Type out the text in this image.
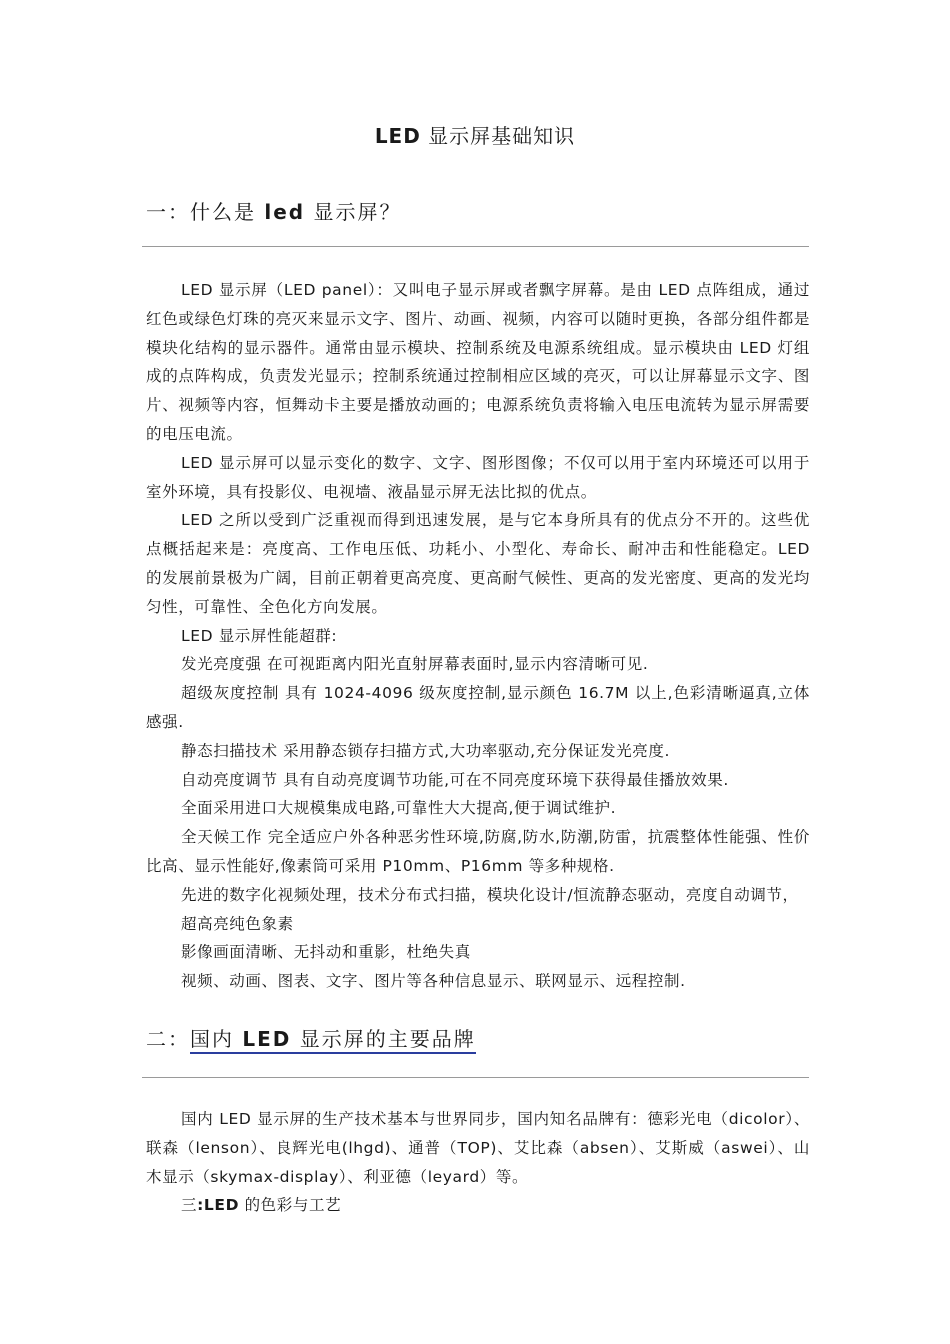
LED 显示屏基础知识
一：什么是 led 显示屏？

LED 显示屏（LED panel）：又叫电子显示屏或者飘字屏幕。是由 LED 点阵组成，通过红色或绿色灯珠的亮灭来显示文字、图片、动画、视频，内容可以随时更换，各部分组件都是模块化结构的显示器件。通常由显示模块、控制系统及电源系统组成。显示模块由 LED 灯组成的点阵构成，负责发光显示；控制系统通过控制相应区域的亮灭，可以让屏幕显示文字、图片、视频等内容，恒舞动卡主要是播放动画的；电源系统负责将输入电压电流转为显示屏需要的电压电流。

LED 显示屏可以显示变化的数字、文字、图形图像；不仅可以用于室内环境还可以用于室外环境，具有投影仪、电视墙、液晶显示屏无法比拟的优点。

LED 之所以受到广泛重视而得到迅速发展，是与它本身所具有的优点分不开的。这些优点概括起来是：亮度高、工作电压低、功耗小、小型化、寿命长、耐冲击和性能稳定。LED 的发展前景极为广阔，目前正朝着更高亮度、更高耐气候性、更高的发光密度、更高的发光均匀性，可靠性、全色化方向发展。

LED 显示屏性能超群:

发光亮度强 在可视距离内阳光直射屏幕表面时,显示内容清晰可见.

超级灰度控制 具有 1024-4096 级灰度控制,显示颜色 16.7M 以上,色彩清晰逼真,立体感强.

静态扫描技术 采用静态锁存扫描方式,大功率驱动,充分保证发光亮度.

自动亮度调节 具有自动亮度调节功能,可在不同亮度环境下获得最佳播放效果.

全面采用进口大规模集成电路,可靠性大大提高,便于调试维护.

全天候工作 完全适应户外各种恶劣性环境,防腐,防水,防潮,防雷，抗震整体性能强、性价比高、显示性能好,像素筒可采用 P10mm、P16mm 等多种规格.

先进的数字化视频处理，技术分布式扫描，模块化设计/恒流静态驱动，亮度自动调节，

超高亮纯色象素

影像画面清晰、无抖动和重影，杜绝失真

视频、动画、图表、文字、图片等各种信息显示、联网显示、远程控制.

二：国内 LED 显示屏的主要品牌

国内 LED 显示屏的生产技术基本与世界同步，国内知名品牌有：德彩光电（dicolor）、联森（lenson）、良辉光电(lhgd)、通普（TOP)、艾比森（absen）、艾斯威（aswei）、山木显示（skymax-display）、利亚德（leyard）等。

三:LED 的色彩与工艺
